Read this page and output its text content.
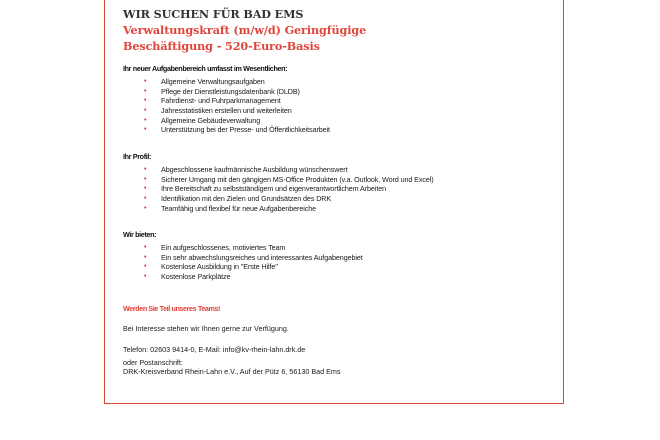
WIR SUCHEN FÜR BAD EMS
Verwaltungskraft (m/w/d) Geringfügige
Beschäftigung - 520-Euro-Basis
Ihr neuer Aufgabenbereich umfasst im Wesentlichen:
• Allgemeine Verwaltungsaufgaben
• Pflege der Dienstleistungsdatenbank (DLDB)
• Fahrdienst- und Fuhrparkmanagement
• Jahresstatistiken erstellen und weiterleiten
• Allgemeine Gebäudeverwaltung
• Unterstützung bei der Presse- und Öffentlichkeitsarbeit
Ihr Profil:
• Abgeschlossene kaufmännische Ausbildung wünschenswert
• Sicherer Umgang mit den gängigen MS-Office Produkten (v.a. Outlook, Word und Excel)
• Ihre Bereitschaft zu selbstständigem und eigenverantwortlichem Arbeiten
• Identifikation mit den Zielen und Grundsätzen des DRK
• Teamfähig und flexibel für neue Aufgabenbereiche
Wir bieten:
• Ein aufgeschlossenes, motiviertes Team
• Ein sehr abwechslungsreiches und interessantes Aufgabengebiet
• Kostenlose Ausbildung in "Erste Hilfe"
• Kostenlose Parkplätze
Werden Sie Teil unseres Teams!
Bei Interesse stehen wir Ihnen gerne zur Verfügung.
Telefon: 02603 9414-0, E-Mail: info@kv-rhein-lahn.drk.de
oder Postanschrift:
DRK-Kreisverband Rhein-Lahn e.V., Auf der Pütz 6, 56130 Bad Ems
